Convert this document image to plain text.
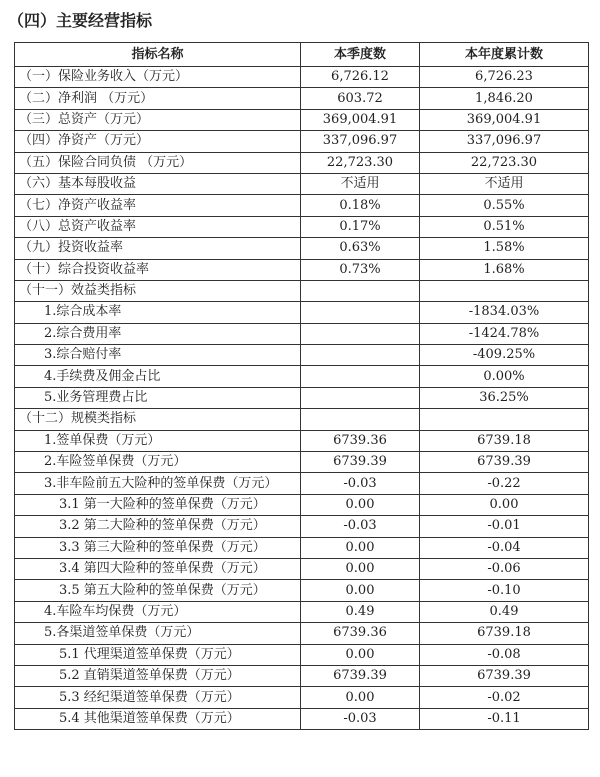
（四）主要经营指标
指标名称	本季度数	本年度累计数
（一）保险业务收入（万元）	6,726.12	6,726.23
（二）净利润 （万元）	603.72	1,846.20
（三）总资产（万元）	369,004.91	369,004.91
（四）净资产（万元）	337,096.97	337,096.97
（五）保险合同负债 （万元）	22,723.30	22,723.30
（六）基本每股收益	不适用	不适用
（七）净资产收益率	0.18%	0.55%
（八）总资产收益率	0.17%	0.51%
（九）投资收益率	0.63%	1.58%
（十）综合投资收益率	0.73%	1.68%
（十一）效益类指标		
1.综合成本率		-1834.03%
2.综合费用率		-1424.78%
3.综合赔付率		-409.25%
4.手续费及佣金占比		0.00%
5.业务管理费占比		36.25%
（十二）规模类指标		
1.签单保费（万元）	6739.36	6739.18
2.车险签单保费（万元）	6739.39	6739.39
3.非车险前五大险种的签单保费（万元）	-0.03	-0.22
3.1 第一大险种的签单保费（万元）	0.00	0.00
3.2 第二大险种的签单保费（万元）	-0.03	-0.01
3.3 第三大险种的签单保费（万元）	0.00	-0.04
3.4 第四大险种的签单保费（万元）	0.00	-0.06
3.5 第五大险种的签单保费（万元）	0.00	-0.10
4.车险车均保费（万元）	0.49	0.49
5.各渠道签单保费（万元）	6739.36	6739.18
5.1 代理渠道签单保费（万元）	0.00	-0.08
5.2 直销渠道签单保费（万元）	6739.39	6739.39
5.3 经纪渠道签单保费（万元）	0.00	-0.02
5.4 其他渠道签单保费（万元）	-0.03	-0.11
